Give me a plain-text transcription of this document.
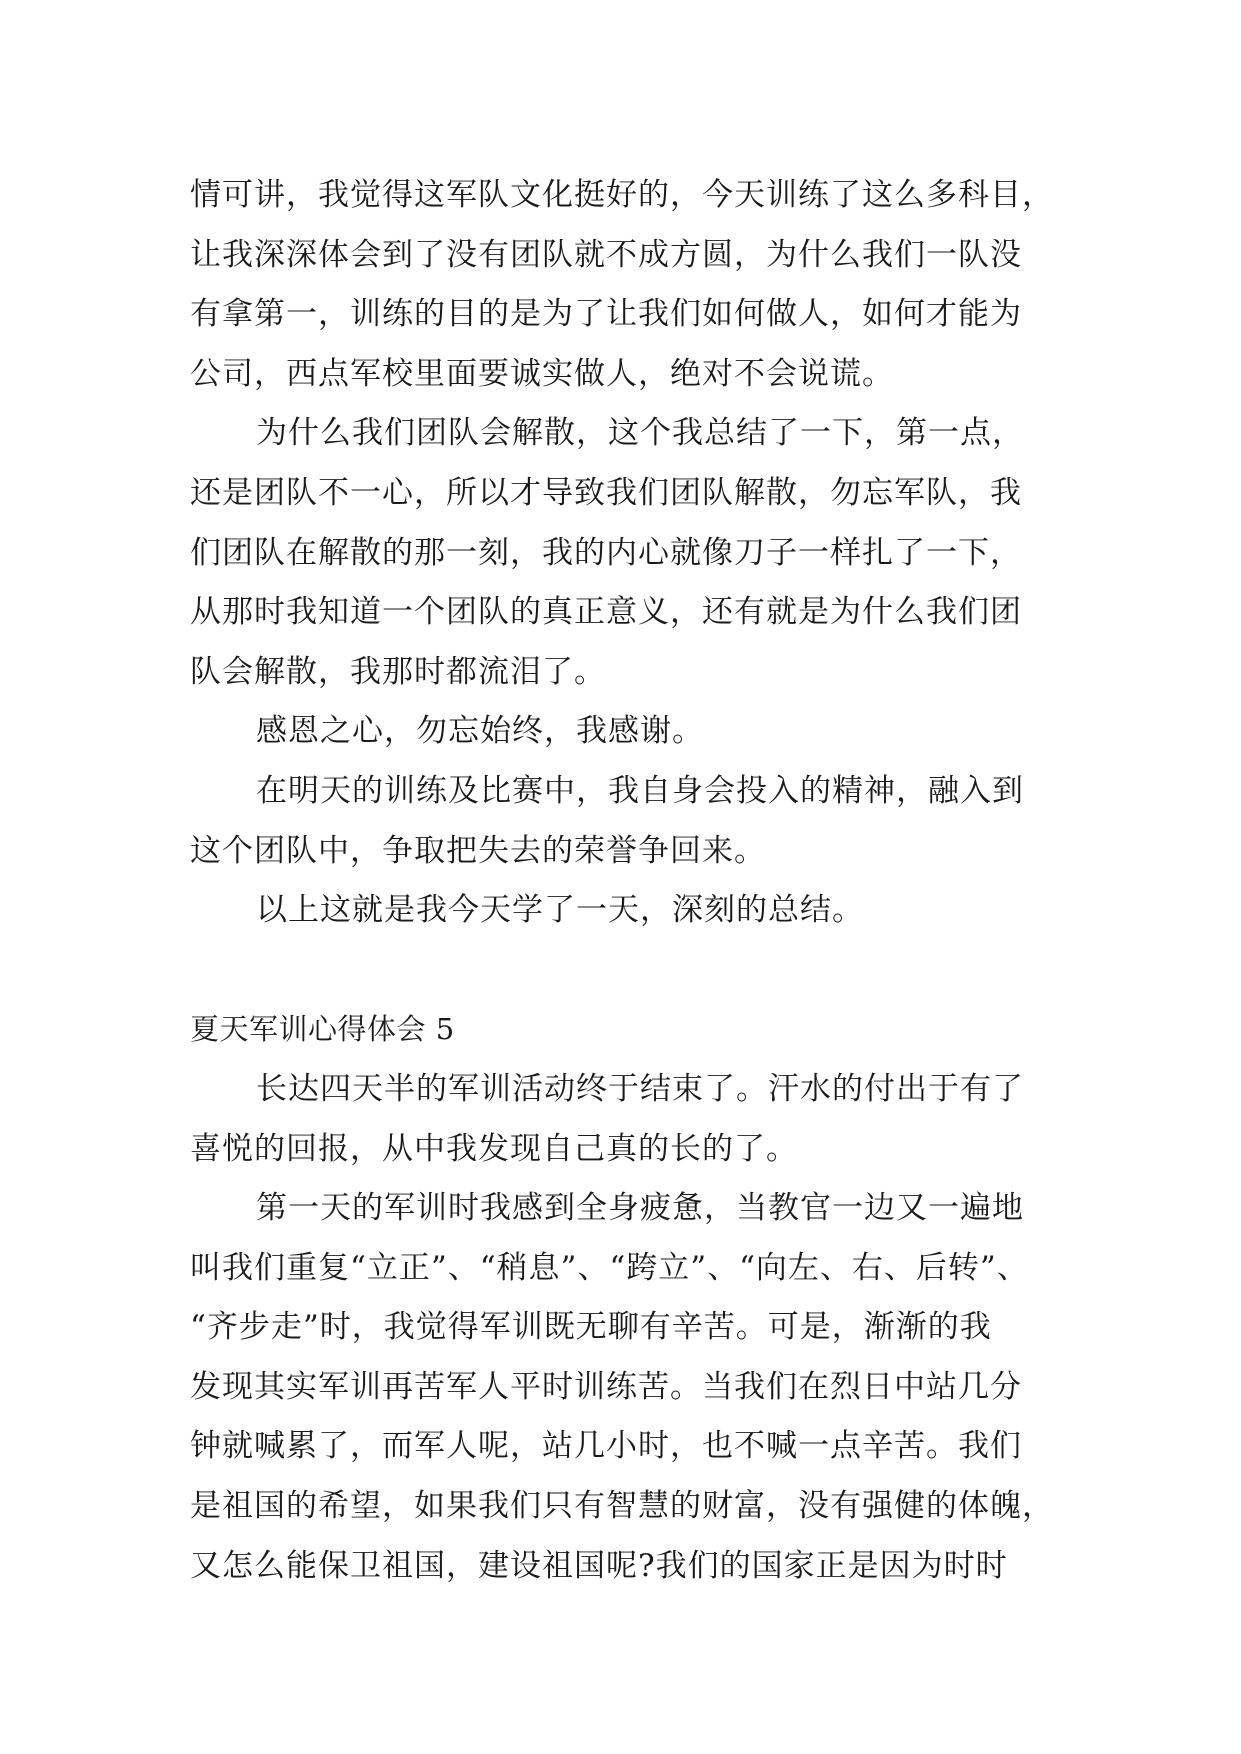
情可讲，我觉得这军队文化挺好的，今天训练了这么多科目，
让我深深体会到了没有团队就不成方圆，为什么我们一队没
有拿第一，训练的目的是为了让我们如何做人，如何才能为
公司，西点军校里面要诚实做人，绝对不会说谎。
为什么我们团队会解散，这个我总结了一下，第一点，
还是团队不一心，所以才导致我们团队解散，勿忘军队，我
们团队在解散的那一刻，我的内心就像刀子一样扎了一下，
从那时我知道一个团队的真正意义，还有就是为什么我们团
队会解散，我那时都流泪了。
感恩之心，勿忘始终，我感谢。
在明天的训练及比赛中，我自身会投入的精神，融入到
这个团队中，争取把失去的荣誉争回来。
以上这就是我今天学了一天，深刻的总结。
夏天军训心得体会 5
长达四天半的军训活动终于结束了。汗水的付出于有了
喜悦的回报，从中我发现自己真的长的了。
第一天的军训时我感到全身疲惫，当教官一边又一遍地
叫我们重复“立正”、“稍息”、“跨立”、“向左、右、后转”、
“齐步走”时，我觉得军训既无聊有辛苦。可是，渐渐的我
发现其实军训再苦军人平时训练苦。当我们在烈日中站几分
钟就喊累了，而军人呢，站几小时，也不喊一点辛苦。我们
是祖国的希望，如果我们只有智慧的财富，没有强健的体魄，
又怎么能保卫祖国，建设祖国呢?我们的国家正是因为时时
